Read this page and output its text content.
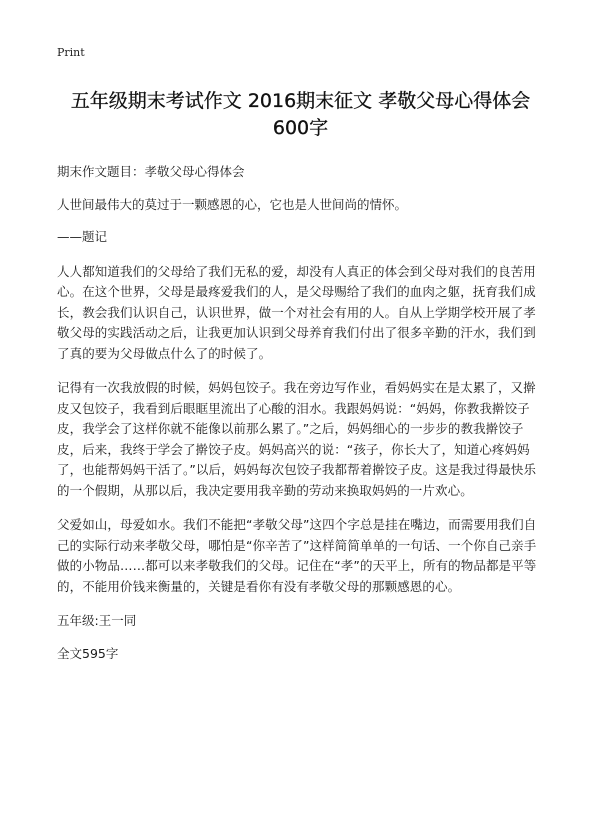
Print
五年级期末考试作文 2016期末征文 孝敬父母心得体会
600字

期末作文题目：孝敬父母心得体会

人世间最伟大的莫过于一颗感恩的心，它也是人世间尚的情怀。

——题记

人人都知道我们的父母给了我们无私的爱，却没有人真正的体会到父母对我们的良苦用心。在这个世界，父母是最疼爱我们的人，是父母赐给了我们的血肉之躯，抚育我们成长，教会我们认识自己，认识世界，做一个对社会有用的人。自从上学期学校开展了孝敬父母的实践活动之后，让我更加认识到父母养育我们付出了很多辛勤的汗水，我们到了真的要为父母做点什么了的时候了。

记得有一次我放假的时候，妈妈包饺子。我在旁边写作业，看妈妈实在是太累了，又擀皮又包饺子，我看到后眼眶里流出了心酸的泪水。我跟妈妈说：“妈妈，你教我擀饺子皮，我学会了这样你就不能像以前那么累了。”之后，妈妈细心的一步步的教我擀饺子皮，后来，我终于学会了擀饺子皮。妈妈高兴的说：“孩子，你长大了，知道心疼妈妈了，也能帮妈妈干活了。”以后，妈妈每次包饺子我都帮着擀饺子皮。这是我过得最快乐的一个假期，从那以后，我决定要用我辛勤的劳动来换取妈妈的一片欢心。

父爱如山，母爱如水。我们不能把“孝敬父母”这四个字总是挂在嘴边，而需要用我们自己的实际行动来孝敬父母，哪怕是“你辛苦了”这样简简单单的一句话、一个你自己亲手做的小物品……都可以来孝敬我们的父母。记住在“孝”的天平上，所有的物品都是平等的，不能用价钱来衡量的，关键是看你有没有孝敬父母的那颗感恩的心。

五年级:王一同

全文595字
